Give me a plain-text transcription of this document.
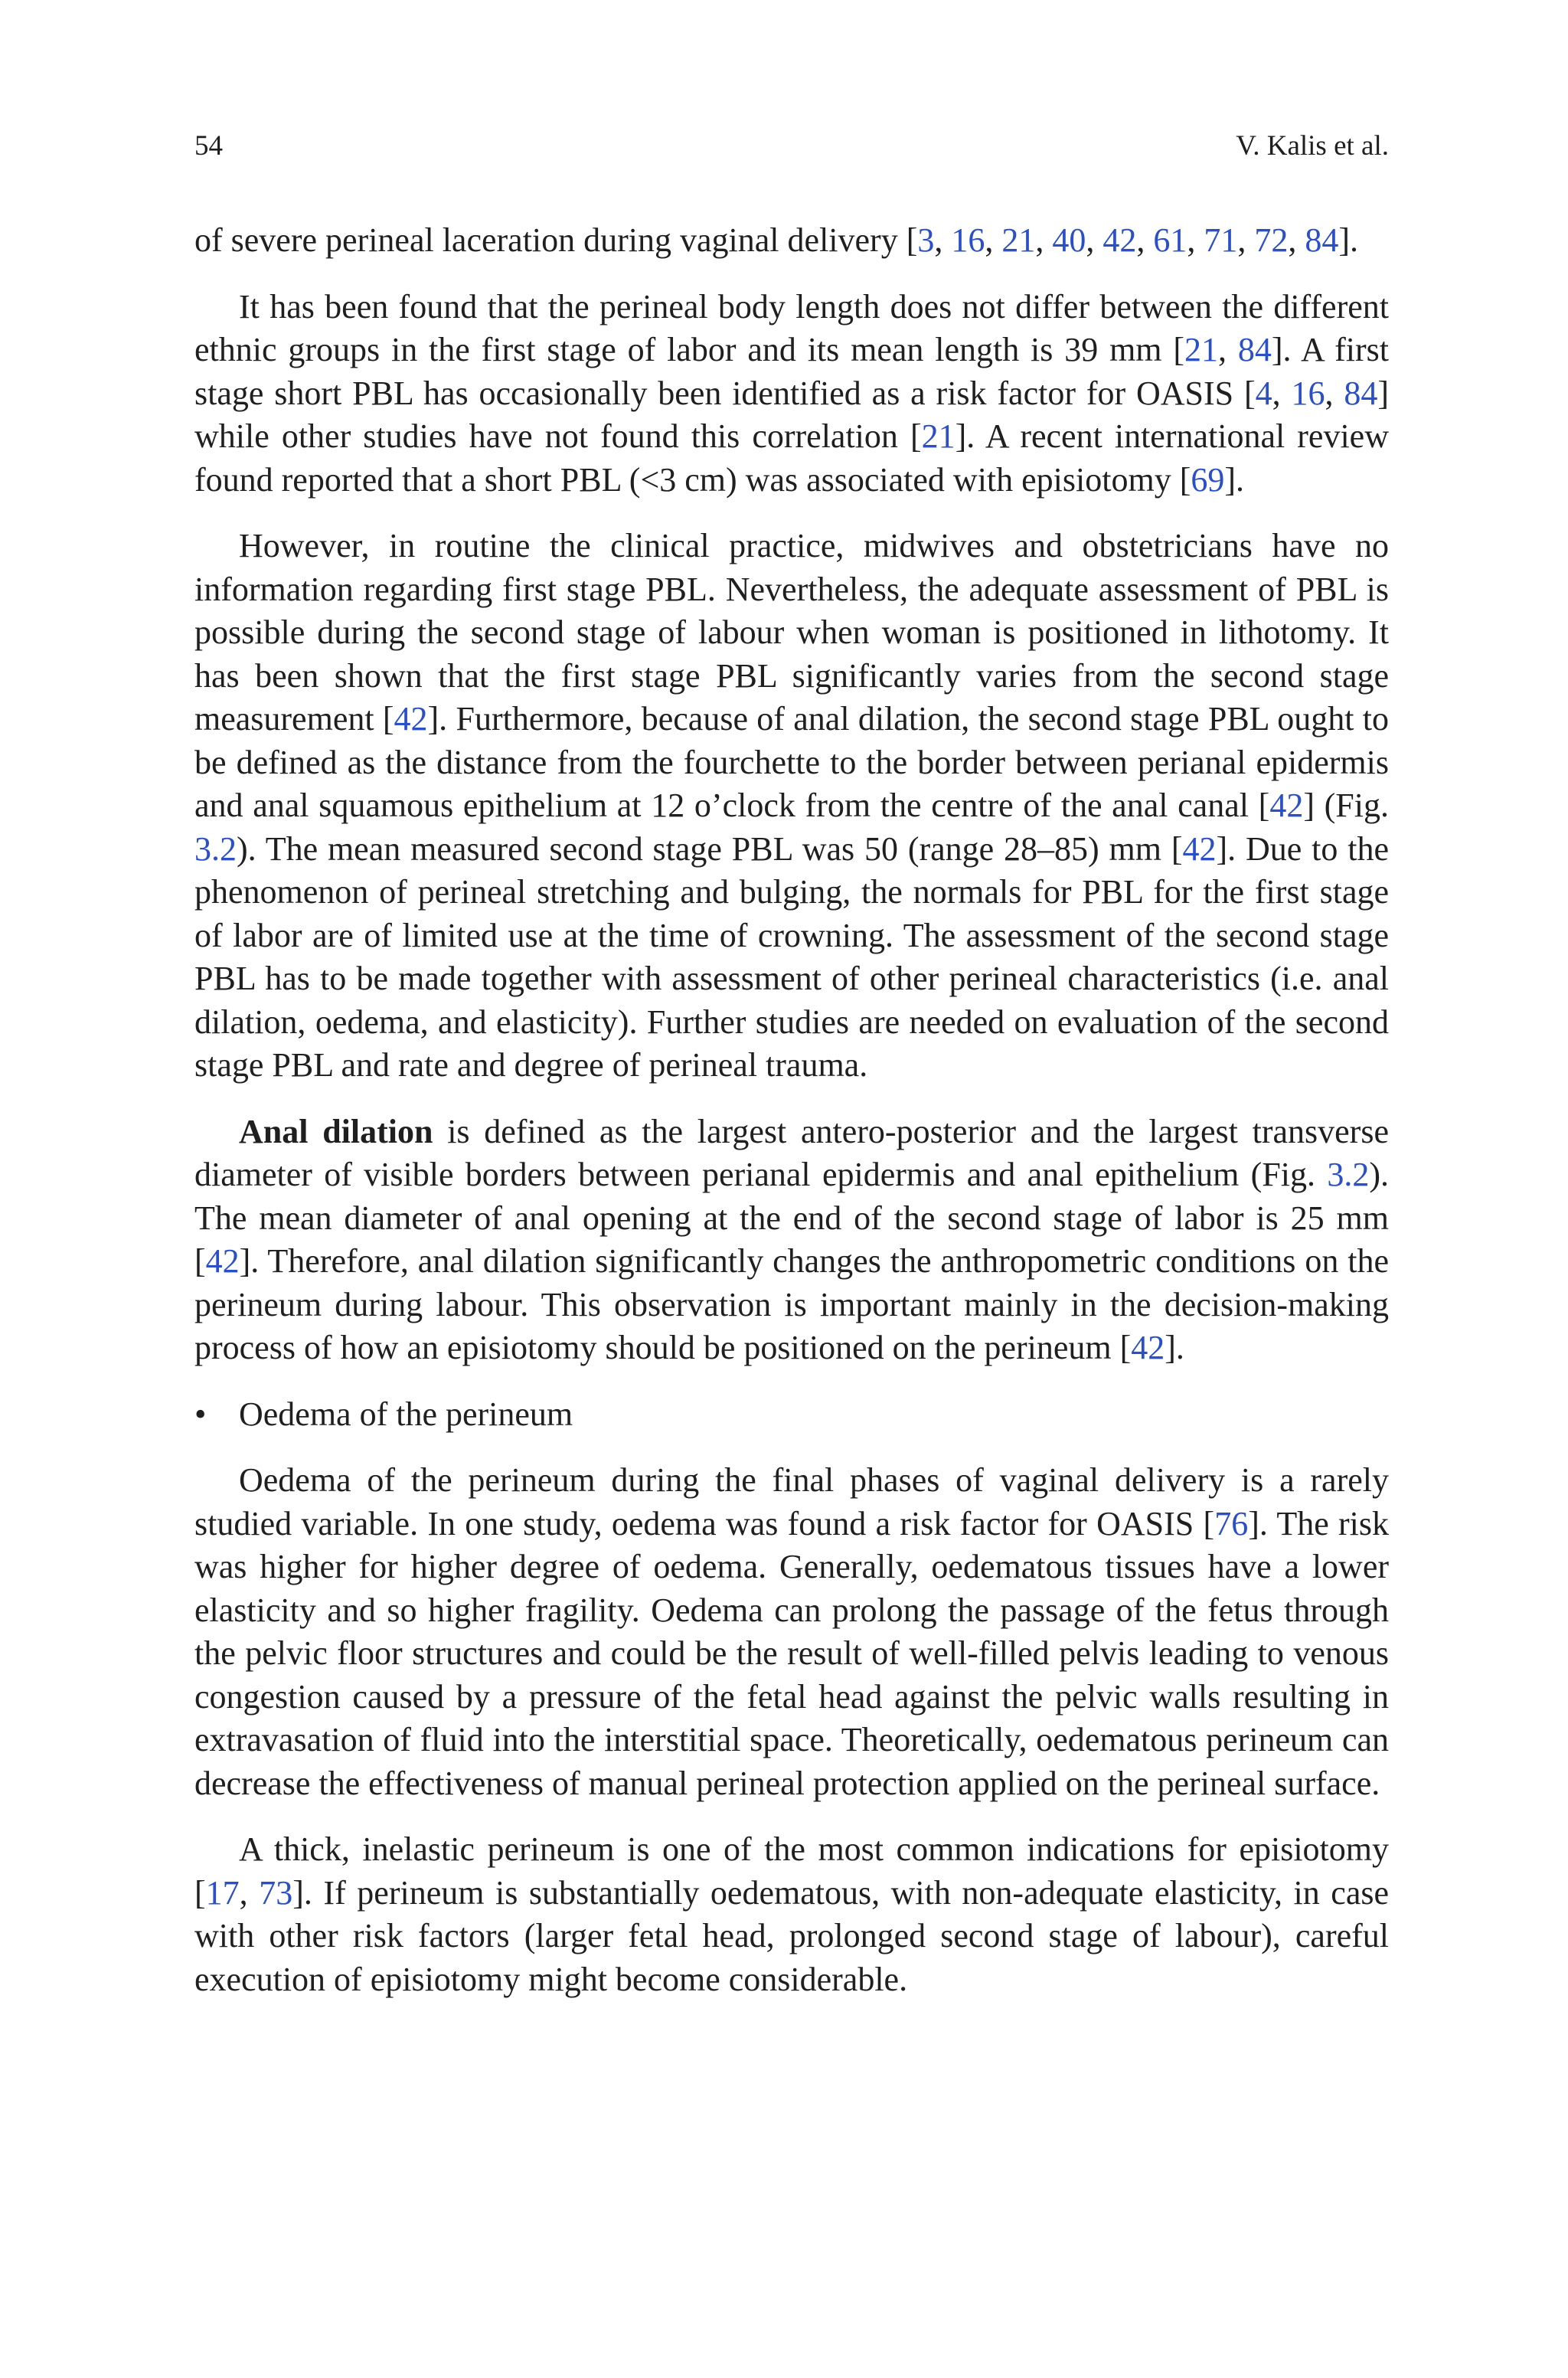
54	V. Kalis et al.

of severe perineal laceration during vaginal delivery [3, 16, 21, 40, 42, 61, 71, 72, 84].

It has been found that the perineal body length does not differ between the different ethnic groups in the first stage of labor and its mean length is 39 mm [21, 84]. A first stage short PBL has occasionally been identified as a risk factor for OASIS [4, 16, 84] while other studies have not found this correlation [21]. A recent international review found reported that a short PBL (<3 cm) was associated with episiotomy [69].

However, in routine the clinical practice, midwives and obstetricians have no information regarding first stage PBL. Nevertheless, the adequate assessment of PBL is possible during the second stage of labour when woman is positioned in lithotomy. It has been shown that the first stage PBL significantly varies from the second stage measurement [42]. Furthermore, because of anal dilation, the second stage PBL ought to be defined as the distance from the fourchette to the border between perianal epidermis and anal squamous epithelium at 12 o’clock from the centre of the anal canal [42] (Fig. 3.2). The mean measured second stage PBL was 50 (range 28–85) mm [42]. Due to the phenomenon of perineal stretching and bulging, the normals for PBL for the first stage of labor are of limited use at the time of crowning. The assessment of the second stage PBL has to be made together with assessment of other perineal characteristics (i.e. anal dilation, oedema, and elasticity). Further studies are needed on evaluation of the second stage PBL and rate and degree of perineal trauma.

Anal dilation is defined as the largest antero-posterior and the largest transverse diameter of visible borders between perianal epidermis and anal epithelium (Fig. 3.2). The mean diameter of anal opening at the end of the second stage of labor is 25 mm [42]. Therefore, anal dilation significantly changes the anthropometric conditions on the perineum during labour. This observation is important mainly in the decision-making process of how an episiotomy should be positioned on the perineum [42].

• Oedema of the perineum

Oedema of the perineum during the final phases of vaginal delivery is a rarely studied variable. In one study, oedema was found a risk factor for OASIS [76]. The risk was higher for higher degree of oedema. Generally, oedematous tissues have a lower elasticity and so higher fragility. Oedema can prolong the passage of the fetus through the pelvic floor structures and could be the result of well-filled pelvis leading to venous congestion caused by a pressure of the fetal head against the pelvic walls resulting in extravasation of fluid into the interstitial space. Theoretically, oedematous perineum can decrease the effectiveness of manual perineal protection applied on the perineal surface.

A thick, inelastic perineum is one of the most common indications for episiotomy [17, 73]. If perineum is substantially oedematous, with non-adequate elasticity, in case with other risk factors (larger fetal head, prolonged second stage of labour), careful execution of episiotomy might become considerable.
